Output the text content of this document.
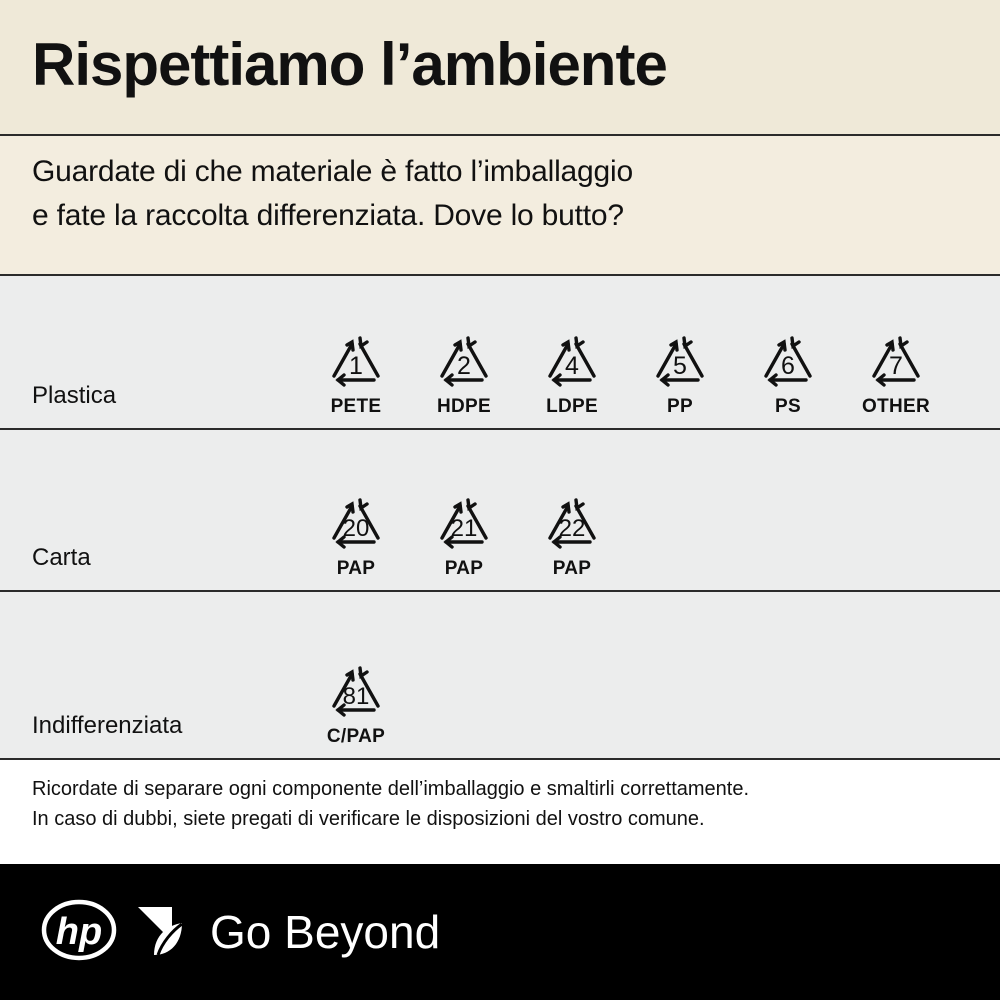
Rispettiamo l’ambiente

Guardate di che materiale è fatto l’imballaggio

e fate la raccolta differenziata. Dove lo butto?

Plastica
1
PETE
2
HDPE
4
LDPE
5
PP
6
PS
7
OTHER
Carta
20
PAP
21
PAP
22
PAP
Indifferenziata
81
C/PAP

Ricordate di separare ogni componente dell’imballaggio e smaltirli correttamente.

In caso di dubbi, siete pregati di verificare le disposizioni del vostro comune.

hp Go Beyond
